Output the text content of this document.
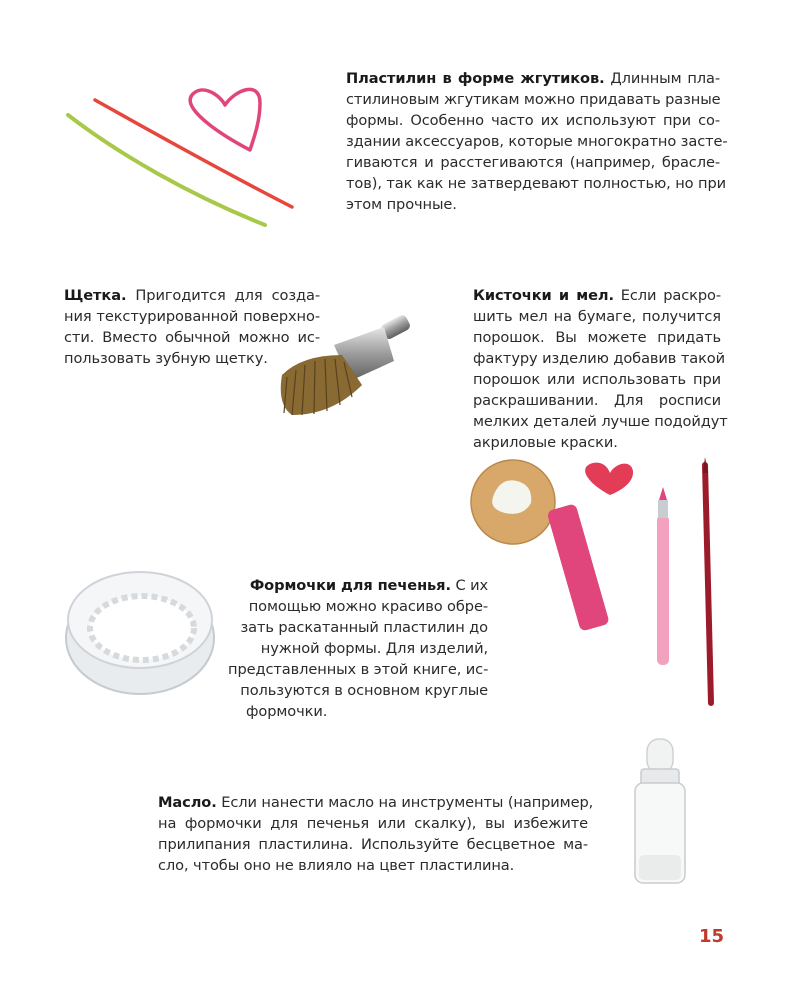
Пластилин в форме жгутиков. Длинным пла-
стилиновым жгутикам можно придавать разные
формы. Особенно часто их используют при со-
здании аксессуаров, которые многократно застe-
гиваются и расстегиваются (например, брасле-
тов), так как не затвердевают полностью, но при
этом прочные.
Щетка. Пригодится для созда-
ния текстурированной поверхно-
сти. Вместо обычной можно ис-
пользовать зубную щетку.
Кисточки и мел. Если раскро-
шить мел на бумаге, получится
порошок. Вы можете придать
фактуру изделию добавив такой
порошок или использовать при
раскрашивании. Для росписи
мелких деталей лучше подойдут
акриловые краски.
Формочки для печенья. С их
помощью можно красиво обре-
зать раскатанный пластилин до
нужной формы. Для изделий,
представленных в этой книге, ис-
пользуются в основном круглые
формочки.
Масло. Если нанести масло на инструменты (например,
на формочки для печенья или скалку), вы избежите
прилипания пластилина. Используйте бесцветное ма-
сло, чтобы оно не влияло на цвет пластилина.
15
